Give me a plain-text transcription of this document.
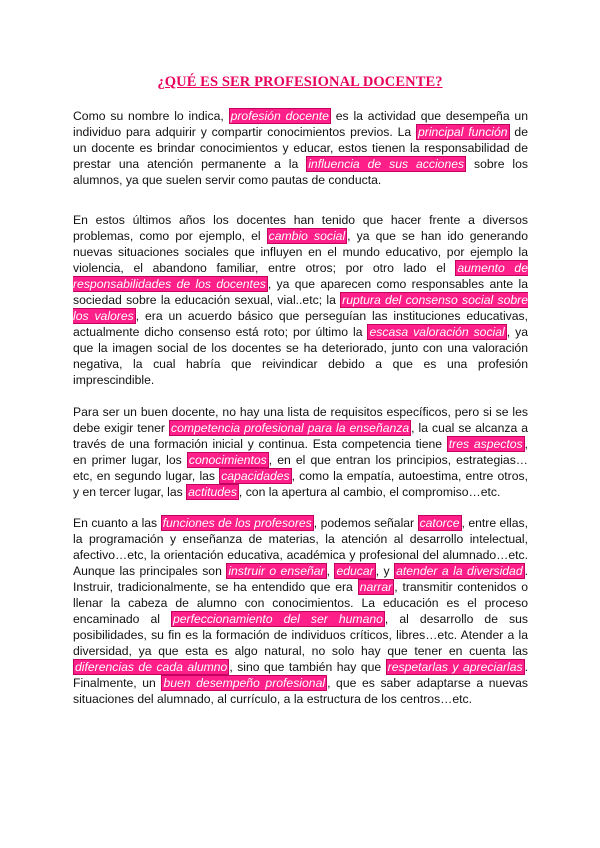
¿QUÉ ES SER PROFESIONAL DOCENTE?

Como su nombre lo indica, profesión docente es la actividad que desempeña un individuo para adquirir y compartir conocimientos previos. La principal función de un docente es brindar conocimientos y educar, estos tienen la responsabilidad de prestar una atención permanente a la influencia de sus acciones sobre los alumnos, ya que suelen servir como pautas de conducta.

En estos últimos años los docentes han tenido que hacer frente a diversos problemas, como por ejemplo, el cambio social , ya que se han ido generando nuevas situaciones sociales que influyen en el mundo educativo, por ejemplo la violencia, el abandono familiar, entre otros; por otro lado el aumento de responsabilidades de los docentes , ya que aparecen como responsables ante la sociedad sobre la educación sexual, vial..etc; la ruptura del consenso social sobre los valores , era un acuerdo básico que perseguían las instituciones educativas, actualmente dicho consenso está roto; por último la escasa valoración social , ya que la imagen social de los docentes se ha deteriorado, junto con una valoración negativa, la cual habría que reivindicar debido a que es una profesión imprescindible.

Para ser un buen docente, no hay una lista de requisitos específicos, pero si se les debe exigir tener competencia profesional para la enseñanza , la cual se alcanza a través de una formación inicial y continua. Esta competencia tiene tres aspectos , en primer lugar, los conocimientos , en el que entran los principios, estrategias…etc, en segundo lugar, las capacidades , como la empatía, autoestima, entre otros, y en tercer lugar, las actitudes , con la apertura al cambio, el compromiso…etc.

En cuanto a las funciones de los profesores , podemos señalar catorce , entre ellas, la programación y enseñanza de materias, la atención al desarrollo intelectual, afectivo…etc, la orientación educativa, académica y profesional del alumnado…etc. Aunque las principales son instruir o enseñar , educar , y atender a la diversidad . Instruir, tradicionalmente, se ha entendido que era narrar , transmitir contenidos o llenar la cabeza de alumno con conocimientos. La educación es el proceso encaminado al perfeccionamiento del ser humano , al desarrollo de sus posibilidades, su fin es la formación de individuos críticos, libres…etc. Atender a la diversidad, ya que esta es algo natural, no solo hay que tener en cuenta las diferencias de cada alumno , sino que también hay que respetarlas y apreciarlas . Finalmente, un buen desempeño profesional , que es saber adaptarse a nuevas situaciones del alumnado, al currículo, a la estructura de los centros…etc.
